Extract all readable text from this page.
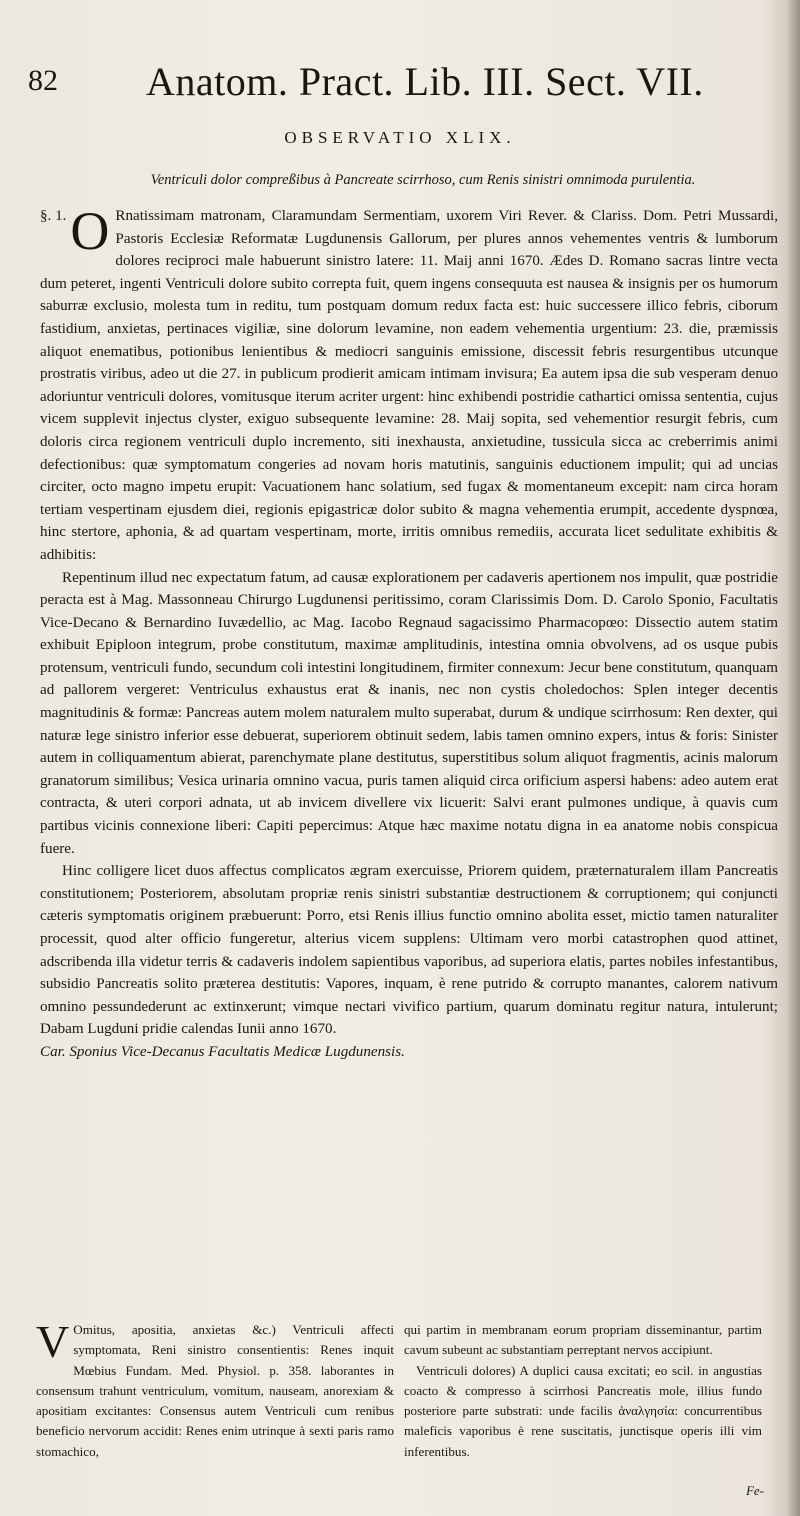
82 Anatom. Pract. Lib. III. Sect. VII.
OBSERVATIO XLIX.
Ventriculi dolor compreßibus à Pancreate scirrhoso, cum Renis sinistri omnimoda purulentia.

§. 1. O Rnatissimam matronam, Claramundam Sermentiam, uxorem Viri Rever. & Clariss. Dom. Petri Mussardi, Pastoris Ecclesiæ Reformatæ Lugdunensis Gallorum, per plures annos vehementes ventris & lumborum dolores reciproci male habuerunt sinistro latere: 11. Maij anni 1670. Ædes D. Romano sacras lintre vecta dum peteret, ingenti Ventriculi dolore subito correpta fuit, quem ingens consequuta est nausea & insignis per os humorum saburræ exclusio, molesta tum in reditu, tum postquam domum redux facta est: huic successere illico febris, ciborum fastidium, anxietas, pertinaces vigiliæ, sine dolorum levamine, non eadem vehementia urgentium: 23. die, præmissis aliquot enematibus, potionibus lenientibus & mediocri sanguinis emissione, discessit febris resurgentibus utcunque prostratis viribus, adeo ut die 27. in publicum prodierit amicam intimam invisura; Ea autem ipsa die sub vesperam denuo adoriuntur ventriculi dolores, vomitusque iterum acriter urgent: hinc exhibendi postridie cathartici omissa sententia, cujus vicem supplevit injectus clyster, exiguo subsequente levamine: 28. Maij sopita, sed vehementior resurgit febris, cum doloris circa regionem ventriculi duplo incremento, siti inexhausta, anxietudine, tussicula sicca ac creberrimis animi defectionibus: quæ symptomatum congeries ad novam horis matutinis, sanguinis eductionem impulit; qui ad uncias circiter, octo magno impetu erupit: Vacuationem hanc solatium, sed fugax & momentaneum excepit: nam circa horam tertiam vespertinam ejusdem diei, regionis epigastricæ dolor subito & magna vehementia erumpit, accedente dyspnœa, hinc stertore, aphonia, & ad quartam vespertinam, morte, irritis omnibus remediis, accurata licet sedulitate exhibitis & adhibitis:

Repentinum illud nec expectatum fatum, ad causæ explorationem per cadaveris apertionem nos impulit, quæ postridie peracta est à Mag. Massonneau Chirurgo Lugdunensi peritissimo, coram Clarissimis Dom. D. Carolo Sponio, Facultatis Vice-Decano & Bernardino Iuvædellio, ac Mag. Iacobo Regnaud sagacissimo Pharmacopœo: Dissectio autem statim exhibuit Epiploon integrum, probe constitutum, maximæ amplitudinis, intestina omnia obvolvens, ad os usque pubis protensum, ventriculi fundo, secundum coli intestini longitudinem, firmiter connexum: Jecur bene constitutum, quanquam ad pallorem vergeret: Ventriculus exhaustus erat & inanis, nec non cystis choledochos: Splen integer decentis magnitudinis & formæ: Pancreas autem molem naturalem multo superabat, durum & undique scirrhosum: Ren dexter, qui naturæ lege sinistro inferior esse debuerat, superiorem obtinuit sedem, labis tamen omnino expers, intus & foris: Sinister autem in colliquamentum abierat, parenchymate plane destitutus, superstitibus solum aliquot fragmentis, acinis malorum granatorum similibus; Vesica urinaria omnino vacua, puris tamen aliquid circa orificium aspersi habens: adeo autem erat contracta, & uteri corpori adnata, ut ab invicem divellere vix licuerit: Salvi erant pulmones undique, à quavis cum partibus vicinis connexione liberi: Capiti pepercimus: Atque hæc maxime notatu digna in ea anatome nobis conspicua fuere.

Hinc colligere licet duos affectus complicatos ægram exercuisse, Priorem quidem, præternaturalem illam Pancreatis constitutionem; Posteriorem, absolutam propriæ renis sinistri substantiæ destructionem & corruptionem; qui conjuncti cæteris symptomatis originem præbuerunt: Porro, etsi Renis illius functio omnino abolita esset, mictio tamen naturaliter processit, quod alter officio fungeretur, alterius vicem supplens: Ultimam vero morbi catastrophen quod attinet, adscribenda illa videtur terris & cadaveris indolem sapientibus vaporibus, ad superiora elatis, partes nobiles infestantibus, subsidio Pancreatis solito præterea destitutis: Vapores, inquam, è rene putrido & corrupto manantes, calorem nativum omnino pessundederunt ac extinxerunt; vimque nectari vivifico partium, quarum dominatu regitur natura, intulerunt; Dabam Lugduni pridie calendas Iunii anno 1670.

Car. Sponius Vice-Decanus Facultatis Medicæ Lugdunensis.

V Omitus, apositia, anxietas &c.) Ventriculi affecti symptomata, Reni sinistro consentientis: Renes inquit Mœbius Fundam. Med. Physiol. p. 358. laborantes in consensum trahunt ventriculum, vomitum, nauseam, anorexiam & apositiam excitantes: Consensus autem Ventriculi cum renibus beneficio nervorum accidit: Renes enim utrinque à sexti paris ramo stomachico,
qui partim in membranam eorum propriam disseminantur, partim cavum subeunt ac substantiam perreptant nervos accipiunt.
Ventriculi dolores) A duplici causa excitati; eo scil. in angustias coacto & compresso à scirrhosi Pancreatis mole, illius fundo posteriore parte substrati: unde facilis ἀναλγησία: concurrentibus maleficis vaporibus è rene suscitatis, junctisque operis illi vim inferentibus.
Fe-
